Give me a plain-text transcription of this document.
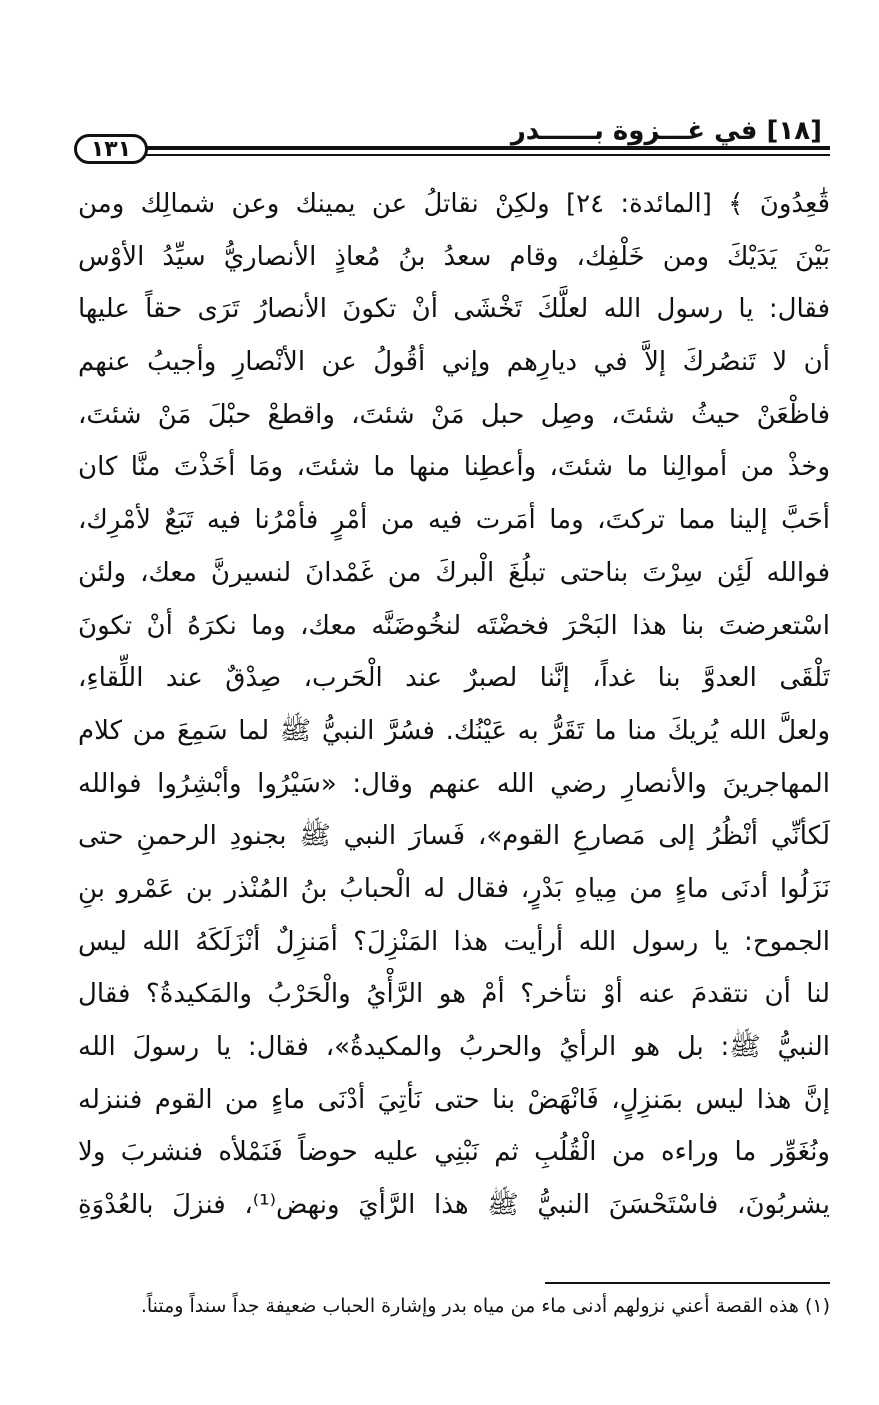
١٣١
[١٨] في غـــزوة بــــــدر
قَٰعِدُونَ ﴾ [المائدة: ٢٤] ولكِنْ نقاتلُ عن يمينك وعن شمالِك ومن
بَيْنَ يَدَيْكَ ومن خَلْفِك، وقام سعدُ بنُ مُعاذٍ الأنصاريُّ سيِّدُ الأوْس
فقال: يا رسول الله لعلَّكَ تَخْشَى أنْ تكونَ الأنصارُ تَرَى حقاً عليها
أن لا تَنصُركَ إلاَّ في ديارِهم وإني أقُولُ عن الأنْصارِ وأجيبُ عنهم
فاظْعَنْ حيثُ شئتَ، وصِل حبل مَنْ شئتَ، واقطعْ حبْلَ مَنْ شئتَ،
وخذْ من أموالِنا ما شئتَ، وأعطِنا منها ما شئتَ، ومَا أخَذْتَ منَّا كان
أحَبَّ إلينا مما تركتَ، وما أمَرت فيه من أمْرٍ فأمْرُنا فيه تَبَعٌ لأمْرِك،
فوالله لَئِن سِرْتَ بناحتى تبلُغَ الْبركَ من غَمْدانَ لنسيرنَّ معك، ولئن
اسْتعرضتَ بنا هذا البَحْرَ فخضْتَه لنخُوضَنَّه معك، وما نكرَهُ أنْ تكونَ
تَلْقَى العدوَّ بنا غداً، إنَّنا لصبرٌ عند الْحَرب، صِدْقٌ عند اللِّقاءِ،
ولعلَّ الله يُريكَ منا ما تَقَرُّ به عَيْنُك. فسُرَّ النبيُّ ﷺ لما سَمِعَ من كلام
المهاجرينَ والأنصارِ رضي الله عنهم وقال: «سَيْرُوا وأبْشِرُوا فوالله
لَكأنِّي أنْظُرُ إلى مَصارعِ القوم»، فَسارَ النبي ﷺ بجنودِ الرحمنِ حتى
نَزَلُوا أدنَى ماءٍ من مِياهِ بَدْرٍ، فقال له الْحبابُ بنُ المُنْذر بن عَمْرو بنِ
الجموح: يا رسول الله أرأيت هذا المَنْزِلَ؟ أمَنزِلٌ أنْزَلَكَهُ الله ليس
لنا أن نتقدمَ عنه أوْ نتأخر؟ أمْ هو الرَّأْيُ والْحَرْبُ والمَكيدةُ؟ فقال
النبيُّ ﷺ: بل هو الرأيُ والحربُ والمكيدةُ»، فقال: يا رسولَ الله
إنَّ هذا ليس بمَنزِلٍ، فَانْهَضْ بنا حتى نَأتِيَ أدْنَى ماءٍ من القوم فننزله
ونُغَوِّر ما وراءه من الْقُلُبِ ثم نَبْنِي عليه حوضاً فَنَمْلأه فنشربَ ولا
يشربُونَ، فاسْتَحْسَنَ النبيُّ ﷺ هذا الرَّأيَ ونهض⁽¹⁾، فنزلَ بالعُدْوَةِ
(١) هذه القصة أعني نزولهم أدنى ماء من مياه بدر وإشارة الحباب ضعيفة جداً سنداً ومتناً.
